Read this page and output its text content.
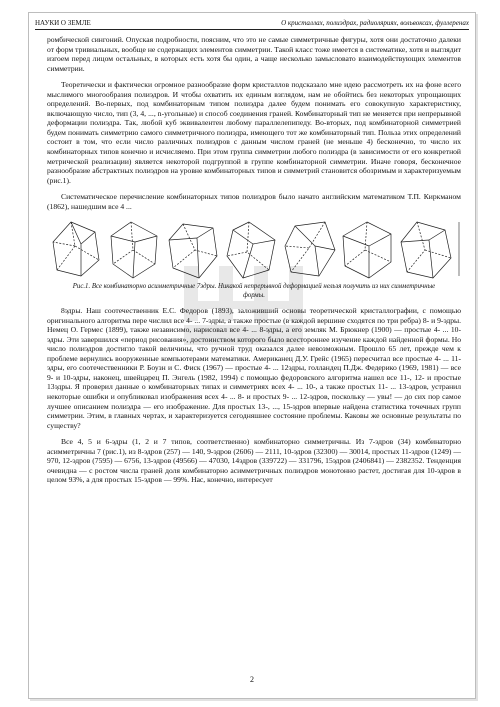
НАУКИ О ЗЕМЛЕ	О кристаллах, полиэдрах, радиоляриях, вольвоксах, фуллеренах

ромбической сингоний. Опуская подробности, поясним, что это не самые симметричные фигуры, хотя они достаточно далеки от форм тривиальных, вообще не содержащих элементов симметрии. Такой класс тоже имеется в систематике, хотя и выглядит изгоем перед лицом остальных, в которых есть хотя бы один, а чаще несколько замысловато взаимодействующих элементов симметрии.

Теоретически и фактически огромное разнообразие форм кристаллов подсказало мне идею рассмотреть их на фоне всего мыслимого многообразия полиэдров. И чтобы охватить их единым взглядом, нам не обойтись без некоторых упрощающих определений. Во-первых, под комбинаторным типом полиэдра далее будем понимать его совокупную характеристику, включающую число, тип (3, 4, ..., n-угольные) и способ соединения граней. Комбинаторный тип не меняется при непрерывной деформации полиэдра. Так, любой куб эквивалентен любому параллелепипеду. Во-вторых, под комбинаторной симметрией будем понимать симметрию самого симметричного полиэдра, имеющего тот же комбинаторный тип. Польза этих определений состоит в том, что если число различных полиэдров с данным числом граней (не меньше 4) бесконечно, то число их комбинаторных типов конечно и исчисляемо. При этом группа симметрии любого полиэдра (в зависимости от его конкретной метрической реализации) является некоторой подгруппой в группе комбинаторной симметрии. Иначе говоря, бесконечное разнообразие абстрактных полиэдров на уровне комбинаторных типов и симметрий становится обозримым и характеризуемым (рис.1).

Систематическое перечисление комбинаторных типов полиэдров было начато английским математиком Т.П. Киркманом (1862), нашедшим все 4 ...

Рис.1. Все комбинаторно асимметричные 7эдры. Никакой непрерывной деформацией нельзя получить из них симметричные формы.

8эдры. Наш соотечественник Е.С. Федоров (1893), заложивший основы теоретической кристаллографии, с помощью оригинального алгоритма пере числил все 4- ... 7-эдры, а также простые (в каждой вершине сходятся по три ребра) 8- и 9-эдры. Немец О. Гермес (1899), также независимо, нарисовал все 4- ... 8-эдры, а его земляк М. Брюкнер (1900) — простые 4- ... 10-эдры. Эти завершился «период рисования», достоинством которого было всестороннее изучение каждой найденной формы. Но число полиэдров достигло такой величины, что ручной труд оказался далее невозможным. Прошло 65 лет, прежде чем к проблеме вернулись вооруженные компьютерами математики. Американец Д.У. Грейс (1965) пересчитал все простые 4- ... 11-эдры, его соотечественники Р. Боузн и С. Фиск (1967) — простые 4- ... 12эдры, голландец П.Дж. Федерико (1969, 1981) — все 9- и 10-эдры, наконец, швейцарец П. Энгель (1982, 1994) с помощью федоровского алгоритма нашел все 11-, 12- и простые 13эдры. Я проверил данные о комбинаторных типах и симметриях всех 4- ... 10-, а также простых 11- ... 13-эдров, устранил некоторые ошибки и опубликовал изображения всех 4- ... 8- и простых 9- ... 12-эдров, поскольку — увы! — до сих пор самое лучшее описанием полиэдра — его изображение. Для простых 13-, ..., 15-эдров впервые найдена статистика точечных групп симметрии. Этим, в главных чертах, и характеризуется сегодняшнее состояние проблемы. Каковы же основные результаты по существу?

Все 4, 5 и 6-эдры (1, 2 и 7 типов, соответственно) комбинаторно симметричны. Из 7-эдров (34) комбинаторно асимметричны 7 (рис.1), из 8-эдров (257) — 140, 9-эдров (2606) — 2111, 10-эдров (32300) — 30014, простых 11-эдров (1249) — 970, 12-эдров (7595) — 6756, 13-эдров (49566) — 47030, 14эдров (339722) — 331796, 15эдров (2406841) — 2382352. Тенденция очевидна — с ростом числа граней доля комбинаторно асимметричных полиэдров монотонно растет, достигая для 10-эдров в целом 93%, а для простых 15-эдров — 99%. Нас, конечно, интересует

2
